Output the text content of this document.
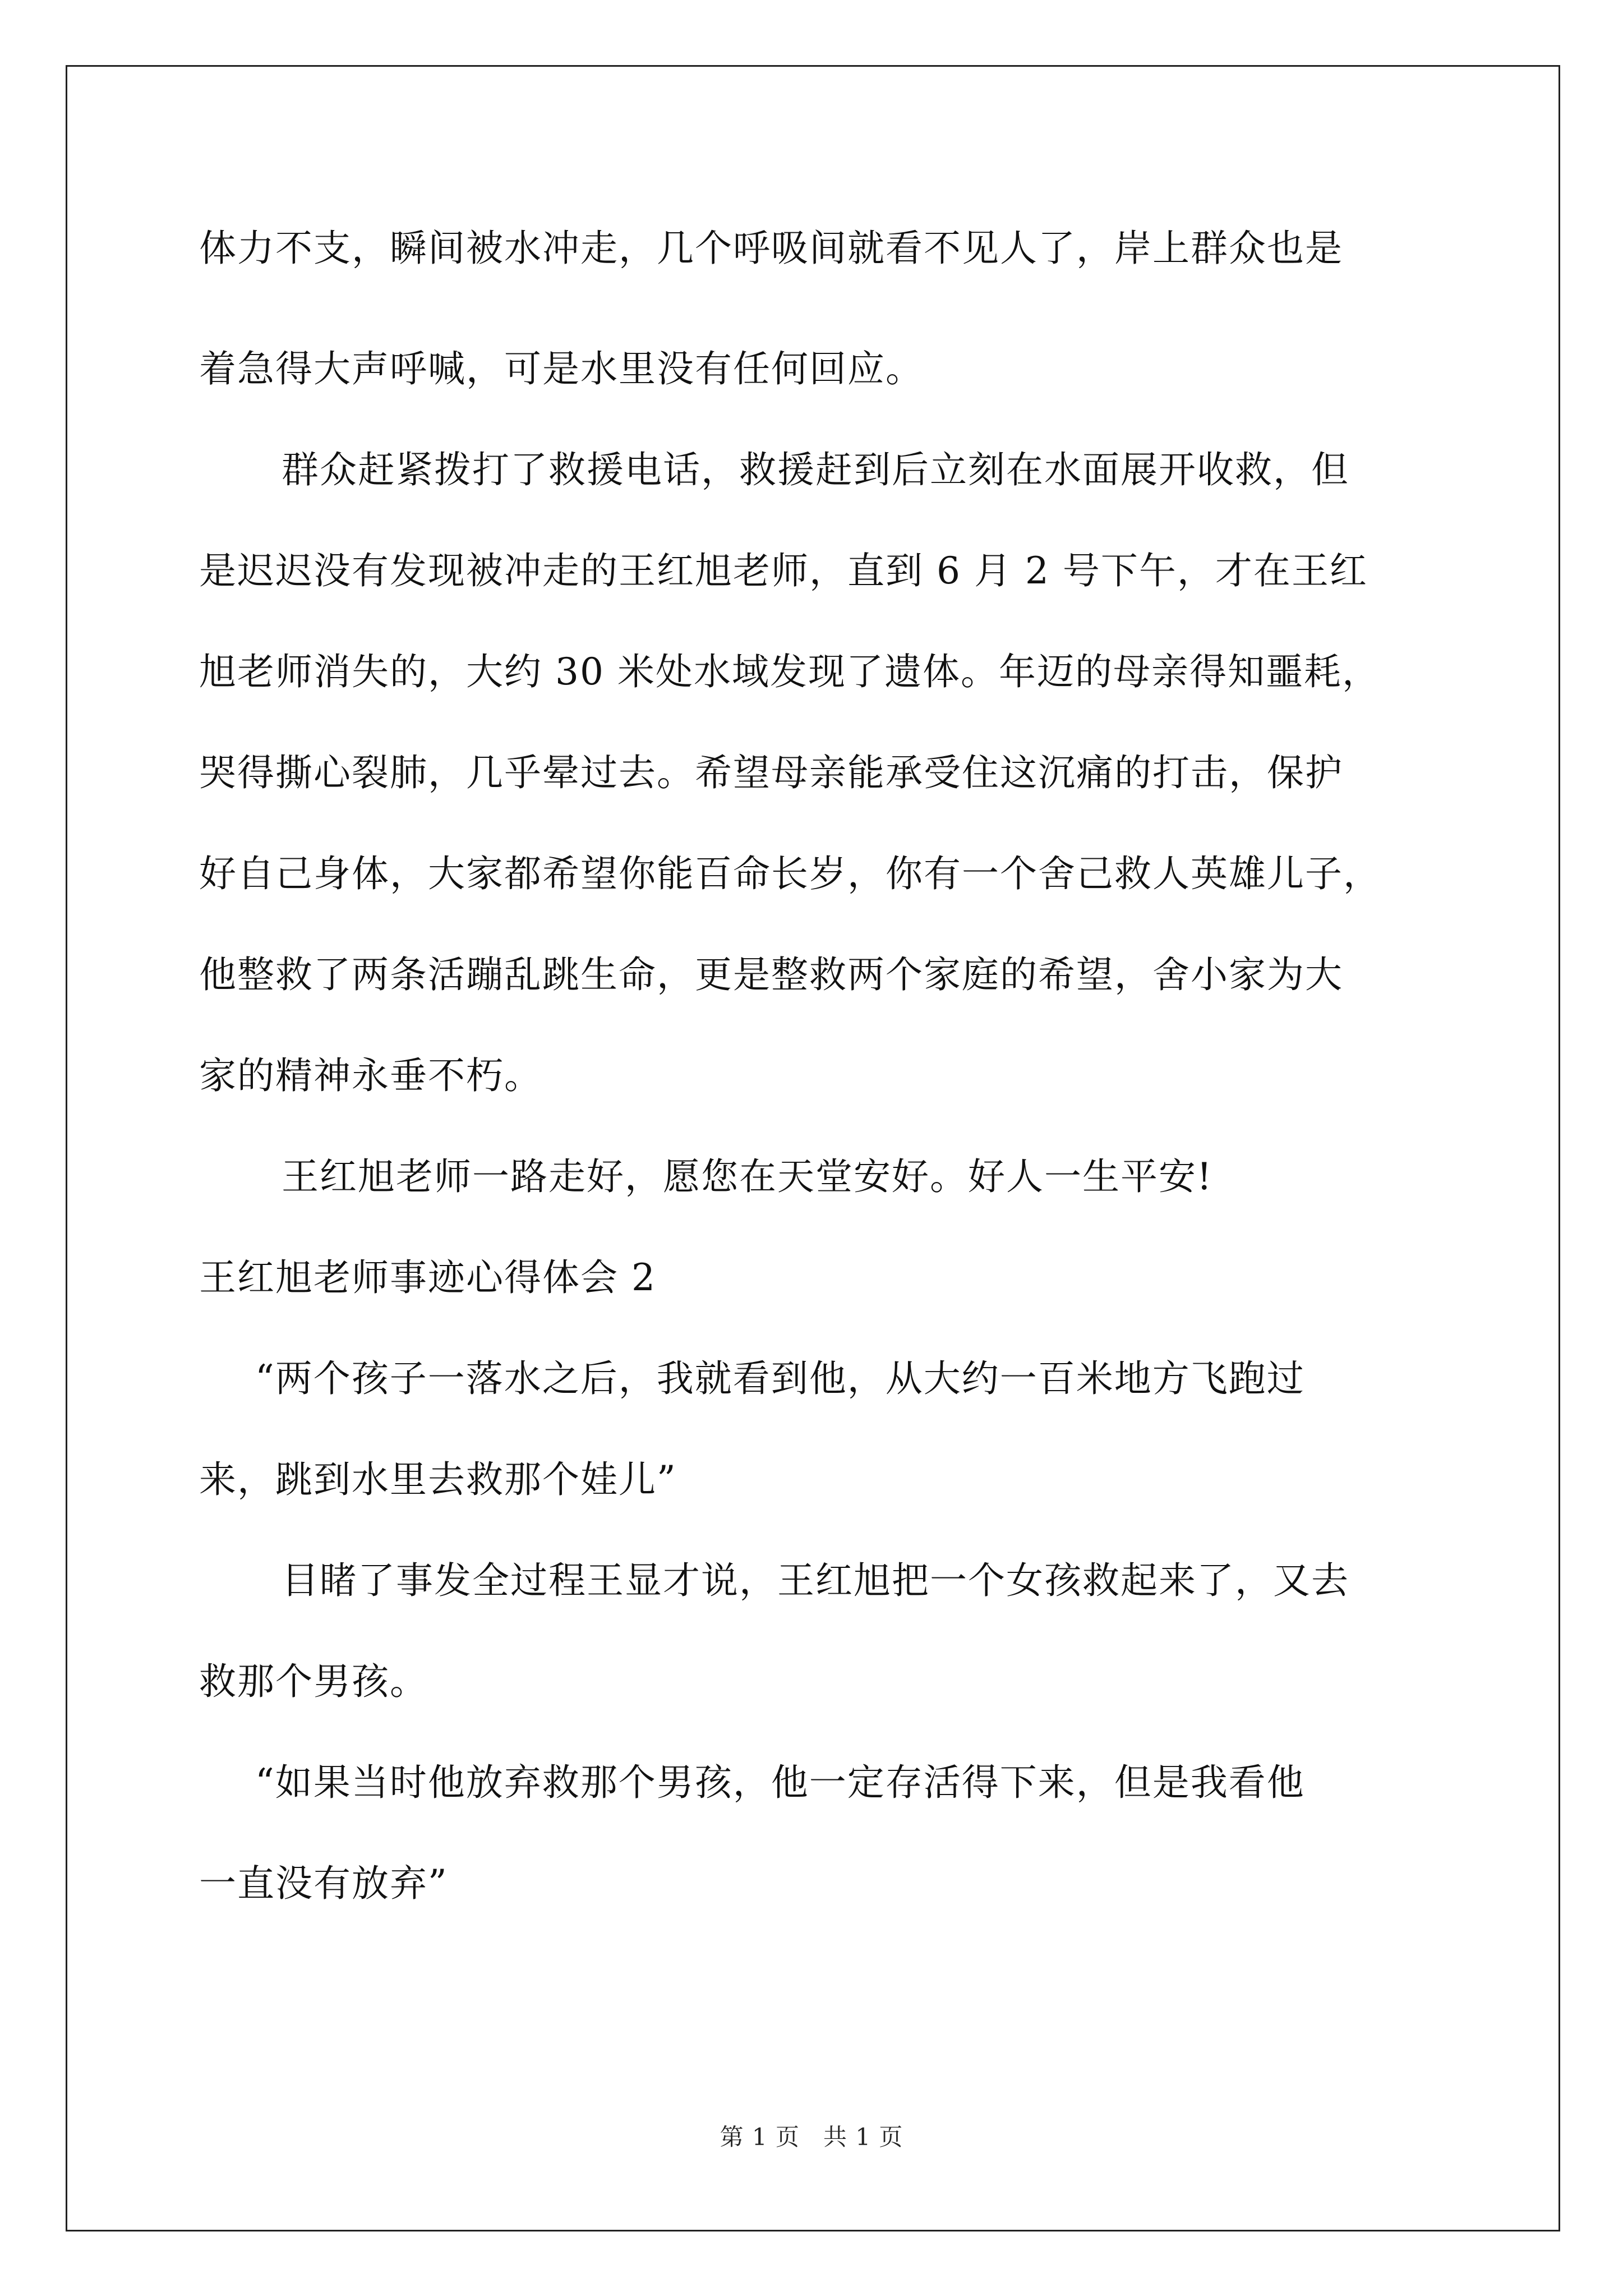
体力不支，瞬间被水冲走，几个呼吸间就看不见人了，岸上群众也是
着急得大声呼喊，可是水里没有任何回应。
群众赶紧拨打了救援电话，救援赶到后立刻在水面展开收救，但
是迟迟没有发现被冲走的王红旭老师，直到 6 月 2 号下午，才在王红
旭老师消失的，大约 30 米处水域发现了遗体。年迈的母亲得知噩耗，
哭得撕心裂肺，几乎晕过去。希望母亲能承受住这沉痛的打击，保护
好自己身体，大家都希望你能百命长岁，你有一个舍己救人英雄儿子，
他整救了两条活蹦乱跳生命，更是整救两个家庭的希望，舍小家为大
家的精神永垂不朽。
王红旭老师一路走好，愿您在天堂安好。好人一生平安!
王红旭老师事迹心得体会 2
“两个孩子一落水之后，我就看到他，从大约一百米地方飞跑过
来，跳到水里去救那个娃儿”
目睹了事发全过程王显才说，王红旭把一个女孩救起来了，又去
救那个男孩。
“如果当时他放弃救那个男孩，他一定存活得下来，但是我看他
一直没有放弃”
第 1 页 共 1 页
